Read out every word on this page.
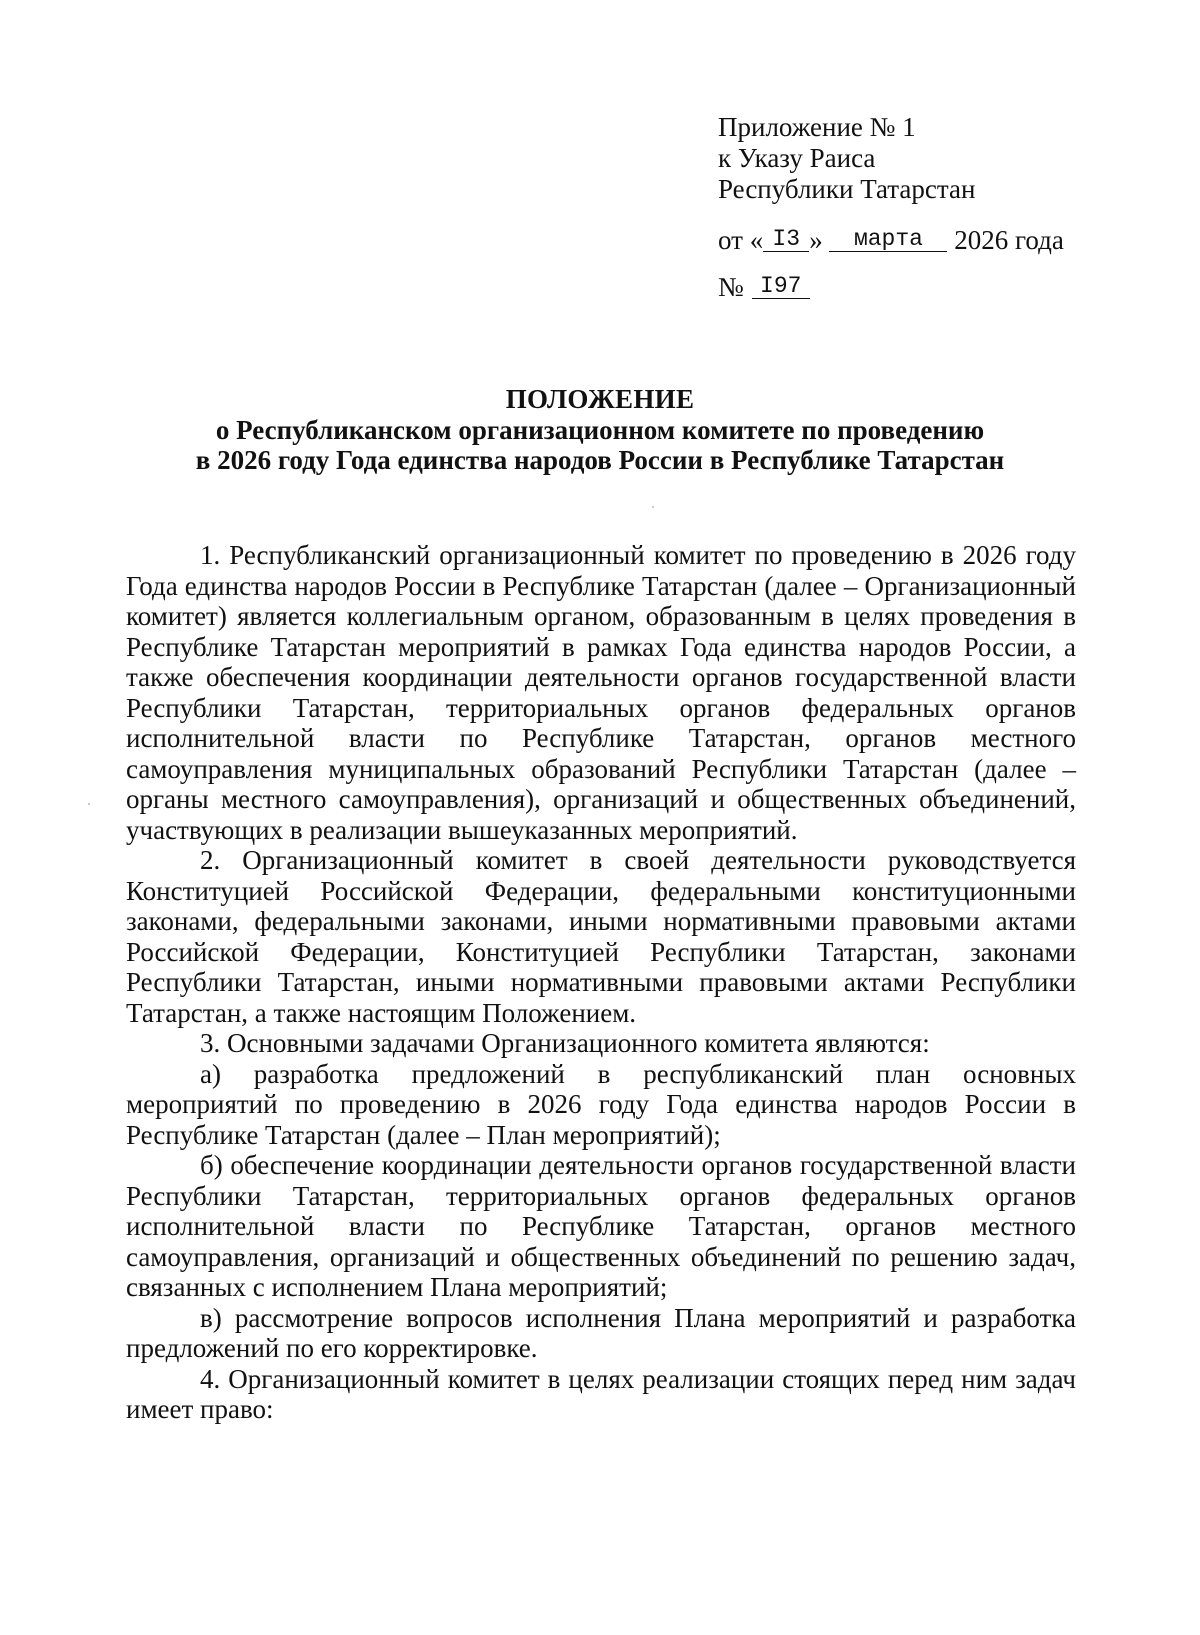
Приложение № 1
к Указу Раиса
Республики Татарстан
от « I3 » марта 2026 года
№ I97
ПОЛОЖЕНИЕ
о Республиканском организационном комитете по проведению
в 2026 году Года единства народов России в Республике Татарстан

1. Республиканский организационный комитет по проведению в 2026 году Года единства народов России в Республике Татарстан (далее – Организационный комитет) является коллегиальным органом, образованным в целях проведения в Республике Татарстан мероприятий в рамках Года единства народов России, а также обеспечения координации деятельности органов государственной власти Республики Татарстан, территориальных органов федеральных органов исполнительной власти по Республике Татарстан, органов местного самоуправления муниципальных образований Республики Татарстан (далее – органы местного самоуправления), организаций и общественных объединений, участвующих в реализации вышеуказанных мероприятий.

2. Организационный комитет в своей деятельности руководствуется Конституцией Российской Федерации, федеральными конституционными законами, федеральными законами, иными нормативными правовыми актами Российской Федерации, Конституцией Республики Татарстан, законами Республики Татарстан, иными нормативными правовыми актами Республики Татарстан, а также настоящим Положением.

3. Основными задачами Организационного комитета являются:

а) разработка предложений в республиканский план основных мероприятий по проведению в 2026 году Года единства народов России в Республике Татарстан (далее – План мероприятий);

б) обеспечение координации деятельности органов государственной власти Республики Татарстан, территориальных органов федеральных органов исполнительной власти по Республике Татарстан, органов местного самоуправления, организаций и общественных объединений по решению задач, связанных с исполнением Плана мероприятий;

в) рассмотрение вопросов исполнения Плана мероприятий и разработка предложений по его корректировке.

4. Организационный комитет в целях реализации стоящих перед ним задач имеет право:
